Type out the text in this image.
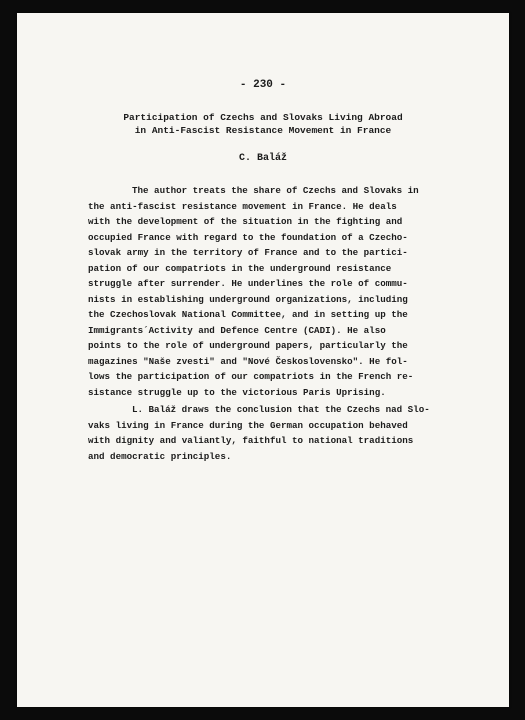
- 230 -
Participation of Czechs and Slovaks Living Abroad
in Anti-Fascist Resistance Movement in France
C. Baláž
The author treats the share of Czechs and Slovaks in
the anti-fascist resistance movement in France. He deals
with the development of the situation in the fighting and
occupied France with regard to the foundation of a Czecho-
slovak army in the territory of France and to the partici-
pation of our compatriots in the underground resistance
struggle after surrender. He underlines the role of commu-
nists in establishing underground organizations, including
the Czechoslovak National Committee, and in setting up the
Immigrants´Activity and Defence Centre (CADI). He also
points to the role of underground papers, particularly the
magazines "Naše zvesti" and "Nové Československo". He fol-
lows the participation of our compatriots in the French re-
sistance struggle up to the victorious Paris Uprising.
L. Baláž draws the conclusion that the Czechs nad Slo-
vaks living in France during the German occupation behaved
with dignity and valiantly, faithful to national traditions
and democratic principles.
